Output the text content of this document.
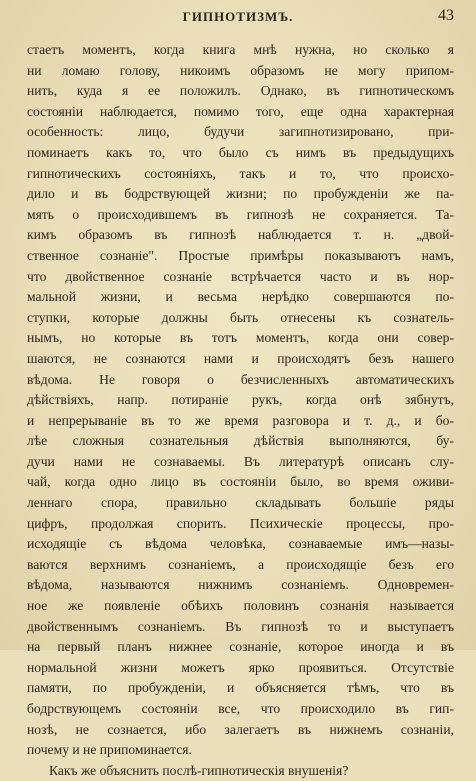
ГИПНОТИЗМЪ.	43
стаетъ моментъ, когда книга мнѣ нужна, но сколько я
ни ломаю голову, никоимъ образомъ не могу припом-
нить, куда я ее положилъ. Однако, въ гипнотическомъ
состояніи наблюдается, помимо того, еще одна характерная
особенность: лицо, будучи загипнотизировано, при-
поминаетъ какъ то, что было съ нимъ въ предыдущихъ
гипнотическихъ состояніяхъ, такъ и то, что происхо-
дило и въ бодрствующей жизни; по пробужденіи же па-
мять о происходившемъ въ гипнозѣ не сохраняется. Та-
кимъ образомъ въ гипнозѣ наблюдается т. н. „двой-
ственное сознаніе". Простые примѣры показываютъ намъ,
что двойственное сознаніе встрѣчается часто и въ нор-
мальной жизни, и весьма нерѣдко совершаются по-
ступки, которые должны быть отнесены къ сознатель-
нымъ, но которые въ тотъ моментъ, когда они совер-
шаются, не сознаются нами и происходятъ безъ нашего
вѣдома. Не говоря о безчисленныхъ автоматическихъ
дѣйствіяхъ, напр. потираніе рукъ, когда онѣ зябнутъ,
и непрерываніе въ то же время разговора и т. д., и бо-
лѣе сложныя сознательныя дѣйствія выполняются, бу-
дучи нами не сознаваемы. Въ литературѣ описанъ слу-
чай, когда одно лицо въ состояніи было, во время оживи-
леннаго спора, правильно складывать большіе ряды
цифръ, продолжая спорить. Психическіе процессы, про-
исходящіе съ вѣдома человѣка, сознаваемые имъ—назы-
ваются верхнимъ сознаніемъ, а происходящіе безъ его
вѣдома, называются нижнимъ сознаніемъ. Одновремен-
ное же появленіе обѣихъ половинъ сознанія называется
двойственнымъ сознаніемъ. Въ гипнозѣ то и выступаетъ
на первый планъ нижнее сознаніе, которое иногда и въ
нормальной жизни можетъ ярко проявиться. Отсутствіе
памяти, по пробужденіи, и объясняется тѣмъ, что въ
бодрствующемъ состояніи все, что происходило въ гип-
нозѣ, не сознается, ибо залегаетъ въ нижнемъ сознаніи,
почему и не припоминается.
Какъ же объяснить послѣ-гипнотическія внушенія?
